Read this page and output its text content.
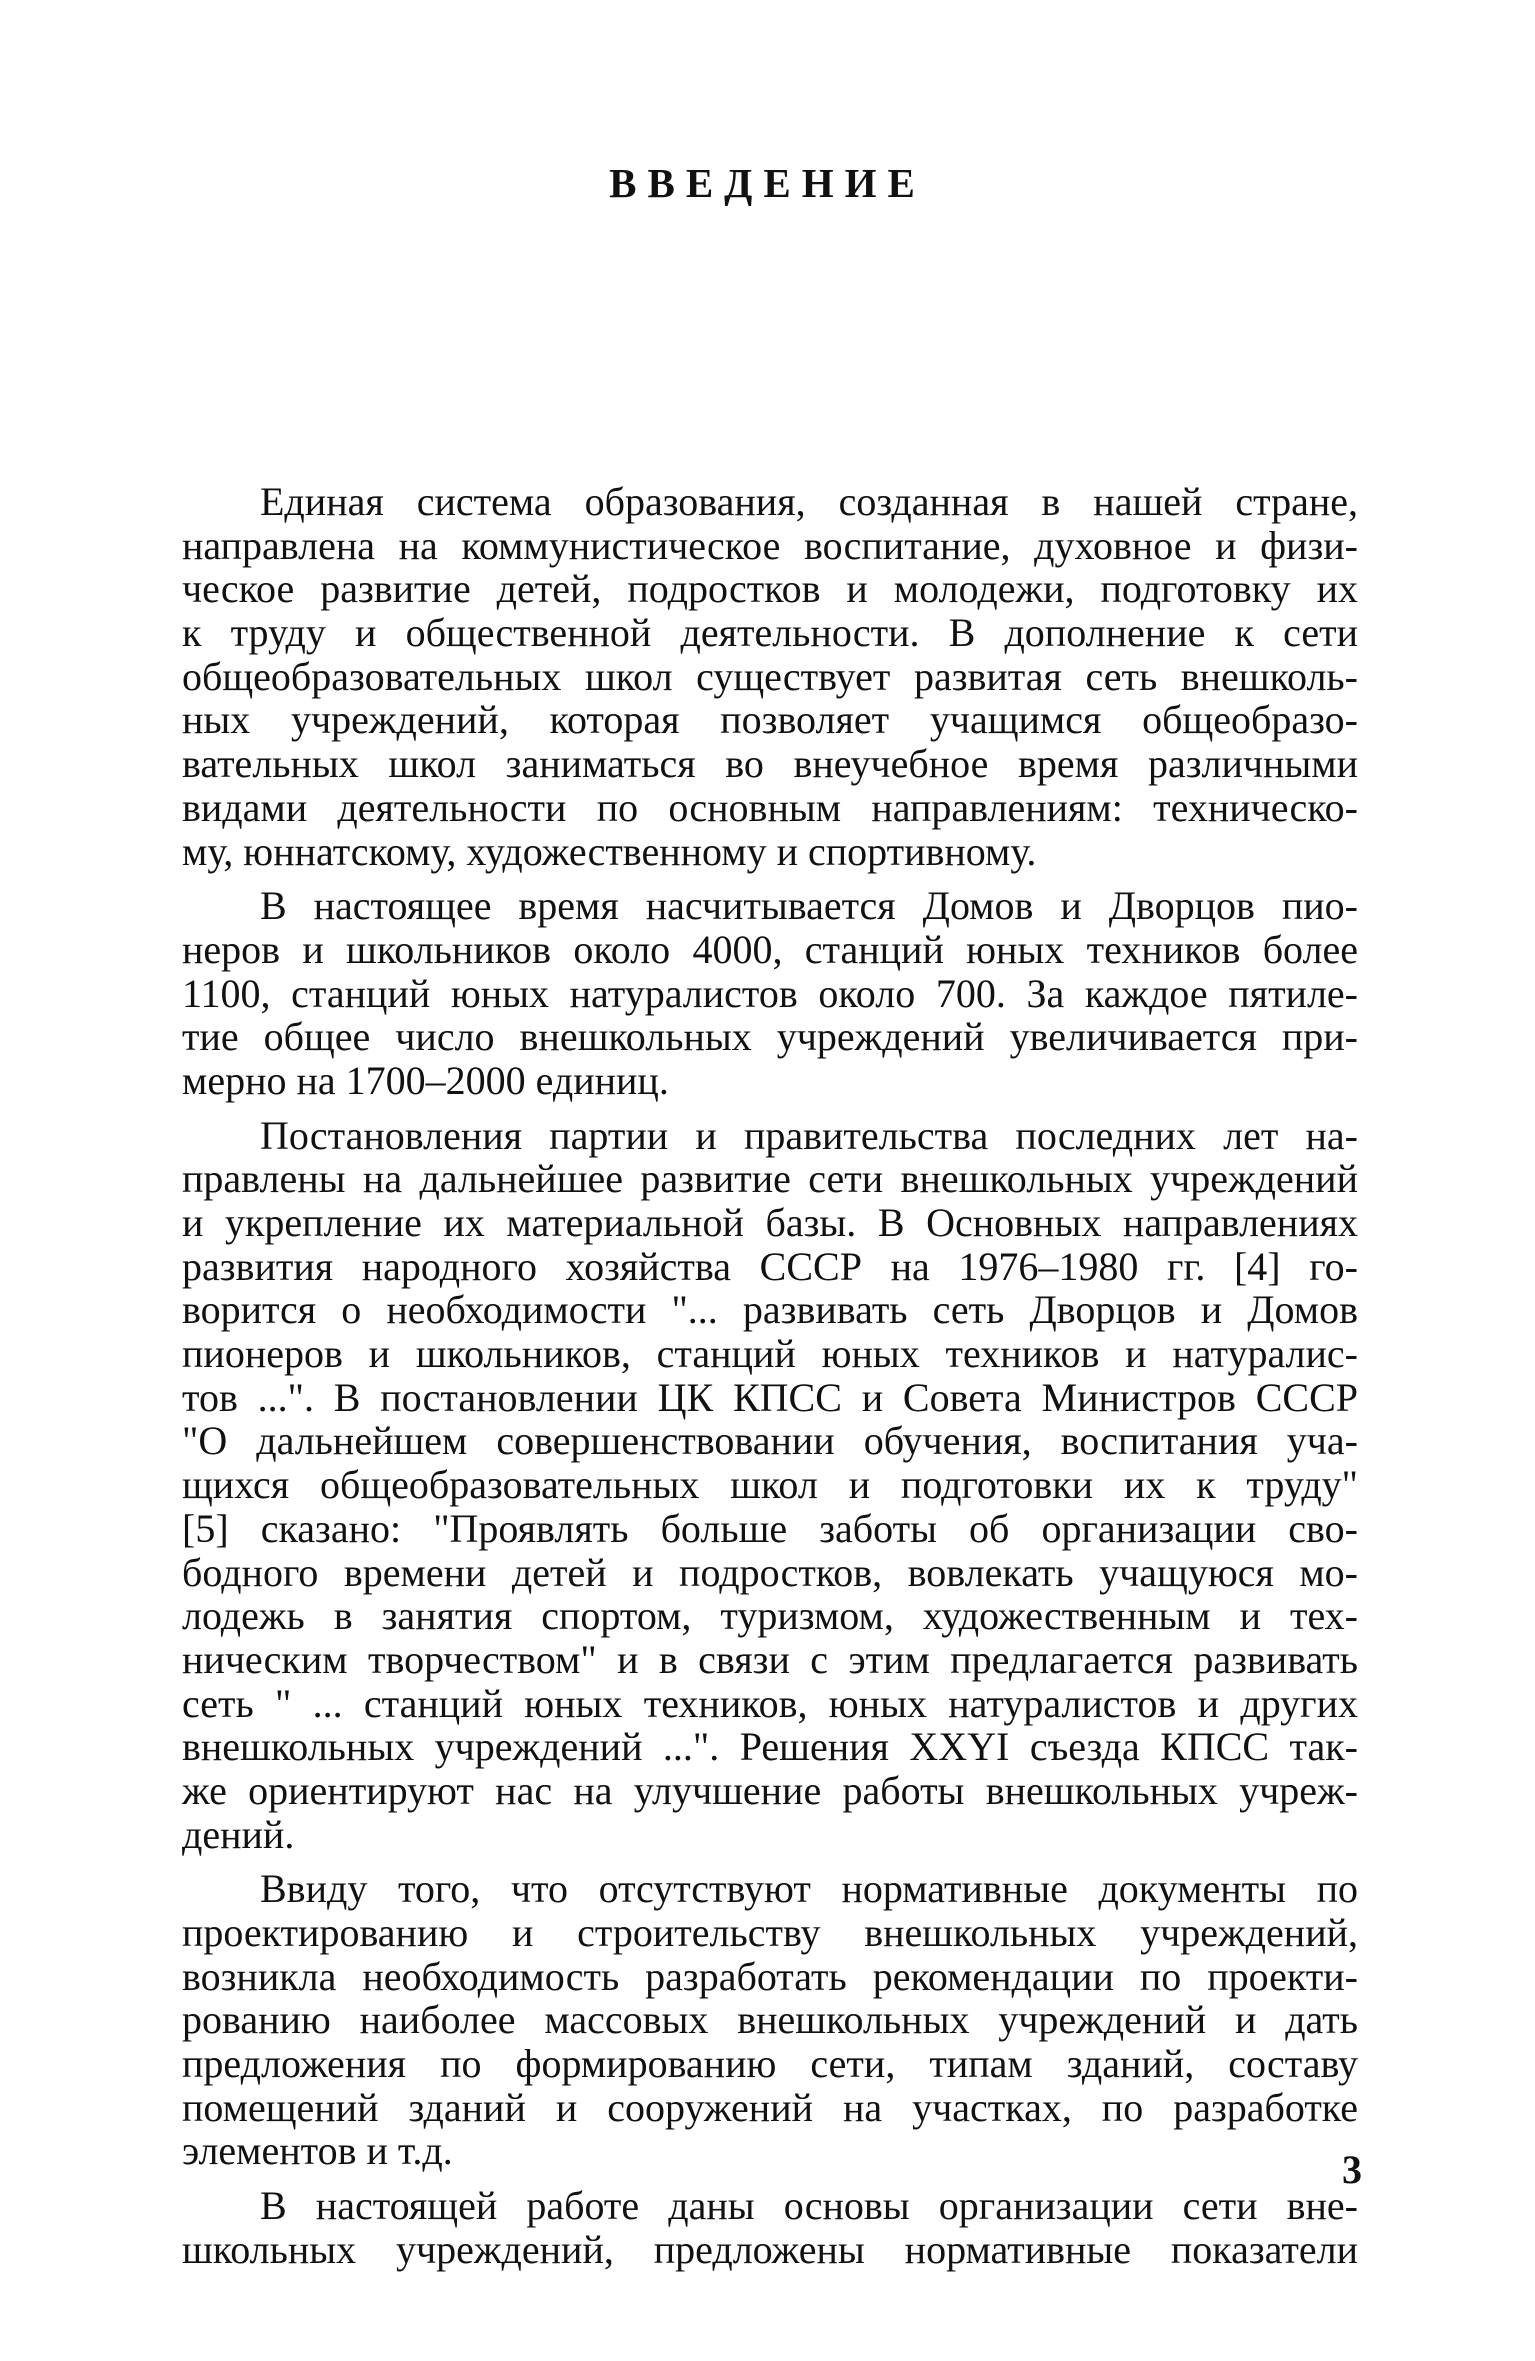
ВВЕДЕНИЕ
Единая система образования, созданная в нашей стране,
направлена на коммунистическое воспитание, духовное и физи-
ческое развитие детей, подростков и молодежи, подготовку их
к труду и общественной деятельности. В дополнение к сети
общеобразовательных школ существует развитая сеть внешколь-
ных учреждений, которая позволяет учащимся общеобразо-
вательных школ заниматься во внеучебное время различными
видами деятельности по основным направлениям: техническо-
му, юннатскому, художественному и спортивному.
В настоящее время насчитывается Домов и Дворцов пио-
неров и школьников около 4000, станций юных техников более
1100, станций юных натуралистов около 700. За каждое пятиле-
тие общее число внешкольных учреждений увеличивается при-
мерно на 1700–2000 единиц.
Постановления партии и правительства последних лет на-
правлены на дальнейшее развитие сети внешкольных учреждений
и укрепление их материальной базы. В Основных направлениях
развития народного хозяйства СССР на 1976–1980 гг. [4] го-
ворится о необходимости "... развивать сеть Дворцов и Домов
пионеров и школьников, станций юных техников и натуралис-
тов ...". В постановлении ЦК КПСС и Совета Министров СССР
"О дальнейшем совершенствовании обучения, воспитания уча-
щихся общеобразовательных школ и подготовки их к труду"
[5] сказано: "Проявлять больше заботы об организации сво-
бодного времени детей и подростков, вовлекать учащуюся мо-
лодежь в занятия спортом, туризмом, художественным и тех-
ническим творчеством" и в связи с этим предлагается развивать
сеть " ... станций юных техников, юных натуралистов и других
внешкольных учреждений ...". Решения XXYI съезда КПСС так-
же ориентируют нас на улучшение работы внешкольных учреж-
дений.
Ввиду того, что отсутствуют нормативные документы по
проектированию и строительству внешкольных учреждений,
возникла необходимость разработать рекомендации по проекти-
рованию наиболее массовых внешкольных учреждений и дать
предложения по формированию сети, типам зданий, составу
помещений зданий и сооружений на участках, по разработке
элементов и т.д.
В настоящей работе даны основы организации сети вне-
школьных учреждений, предложены нормативные показатели
3
